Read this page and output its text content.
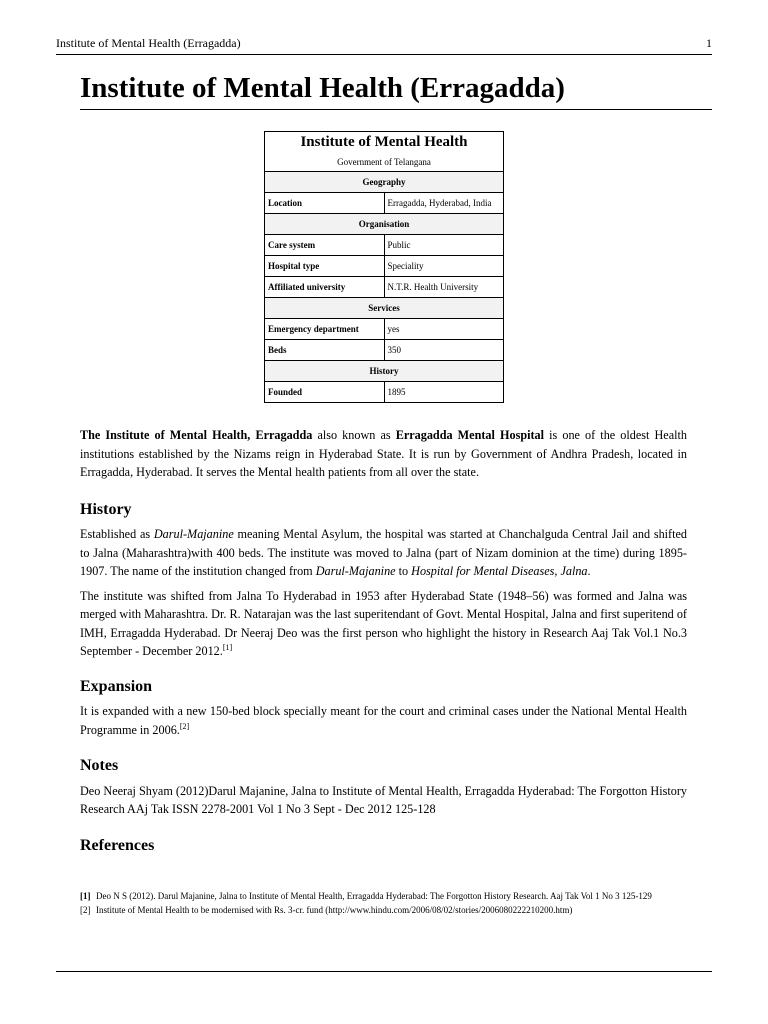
Institute of Mental Health (Erragadda)	1
Institute of Mental Health (Erragadda)
Institute of Mental Health	
Government of Telangana	
Geography	
Location	Erragadda, Hyderabad, India
Organisation	
Care system	Public
Hospital type	Speciality
Affiliated university	N.T.R. Health University
Services	
Emergency department	yes
Beds	350
History	
Founded	1895

The Institute of Mental Health, Erragadda also known as Erragadda Mental Hospital is one of the oldest Health institutions established by the Nizams reign in Hyderabad State. It is run by Government of Andhra Pradesh, located in Erragadda, Hyderabad. It serves the Mental health patients from all over the state.

History

Established as Darul-Majanine meaning Mental Asylum, the hospital was started at Chanchalguda Central Jail and shifted to Jalna (Maharashtra)with 400 beds. The institute was moved to Jalna (part of Nizam dominion at the time) during 1895-1907. The name of the institution changed from Darul-Majanine to Hospital for Mental Diseases, Jalna.

The institute was shifted from Jalna To Hyderabad in 1953 after Hyderabad State (1948–56) was formed and Jalna was merged with Maharashtra. Dr. R. Natarajan was the last superitendant of Govt. Mental Hospital, Jalna and first superitend of IMH, Erragadda Hyderabad. Dr Neeraj Deo was the first person who highlight the history in Research Aaj Tak Vol.1 No.3 September - December 2012.[1]

Expansion

It is expanded with a new 150-bed block specially meant for the court and criminal cases under the National Mental Health Programme in 2006.[2]

Notes

Deo Neeraj Shyam (2012)Darul Majanine, Jalna to Institute of Mental Health, Erragadda Hyderabad: The Forgotton History Research AAj Tak ISSN 2278-2001 Vol 1 No 3 Sept - Dec 2012 125-128

References
[1] Deo N S (2012). Darul Majanine, Jalna to Institute of Mental Health, Erragadda Hyderabad: The Forgotton History Research. Aaj Tak Vol 1 No 3 125-129
[2] Institute of Mental Health to be modernised with Rs. 3-cr. fund (http://www.hindu.com/2006/08/02/stories/2006080222210200.htm)
